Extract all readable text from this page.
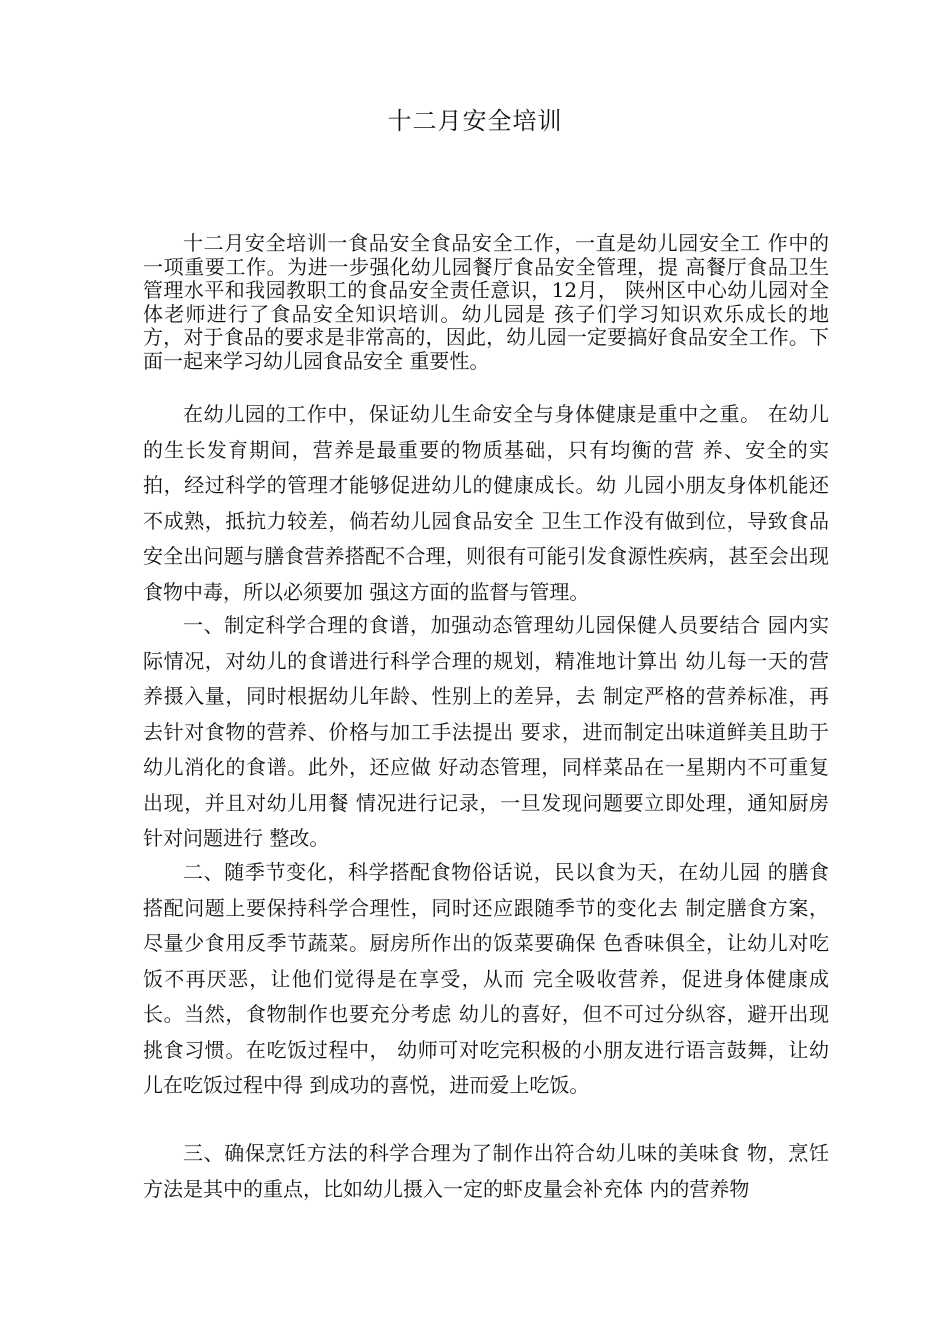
十二月安全培训

十二月安全培训一食品安全食品安全工作，一直是幼儿园安全工 作中的一项重要工作。为进一步强化幼儿园餐厅食品安全管理，提 高餐厅食品卫生管理水平和我园教职工的食品安全责任意识，12月， 陕州区中心幼儿园对全体老师进行了食品安全知识培训。幼儿园是 孩子们学习知识欢乐成长的地方，对于食品的要求是非常高的，因此，幼儿园一定要搞好食品安全工作。下面一起来学习幼儿园食品安全 重要性。

在幼儿园的工作中，保证幼儿生命安全与身体健康是重中之重。 在幼儿的生长发育期间，营养是最重要的物质基础，只有均衡的营 养、安全的实拍，经过科学的管理才能够促进幼儿的健康成长。幼 儿园小朋友身体机能还不成熟，抵抗力较差，倘若幼儿园食品安全 卫生工作没有做到位，导致食品安全出问题与膳食营养搭配不合理，则很有可能引发食源性疾病，甚至会出现食物中毒，所以必须要加 强这方面的监督与管理。

一、制定科学合理的食谱，加强动态管理幼儿园保健人员要结合 园内实际情况，对幼儿的食谱进行科学合理的规划，精准地计算出 幼儿每一天的营养摄入量，同时根据幼儿年龄、性别上的差异，去 制定严格的营养标准，再去针对食物的营养、价格与加工手法提出 要求，进而制定出味道鲜美且助于幼儿消化的食谱。此外，还应做 好动态管理，同样菜品在一星期内不可重复出现，并且对幼儿用餐 情况进行记录，一旦发现问题要立即处理，通知厨房针对问题进行 整改。

二、随季节变化，科学搭配食物俗话说，民以食为天，在幼儿园 的膳食搭配问题上要保持科学合理性，同时还应跟随季节的变化去 制定膳食方案，尽量少食用反季节蔬菜。厨房所作出的饭菜要确保 色香味俱全，让幼儿对吃饭不再厌恶，让他们觉得是在享受，从而 完全吸收营养，促进身体健康成长。当然，食物制作也要充分考虑 幼儿的喜好，但不可过分纵容，避开出现挑食习惯。在吃饭过程中， 幼师可对吃完积极的小朋友进行语言鼓舞，让幼儿在吃饭过程中得 到成功的喜悦，进而爱上吃饭。

三、确保烹饪方法的科学合理为了制作出符合幼儿味的美味食 物，烹饪方法是其中的重点，比如幼儿摄入一定的虾皮量会补充体 内的营养物
